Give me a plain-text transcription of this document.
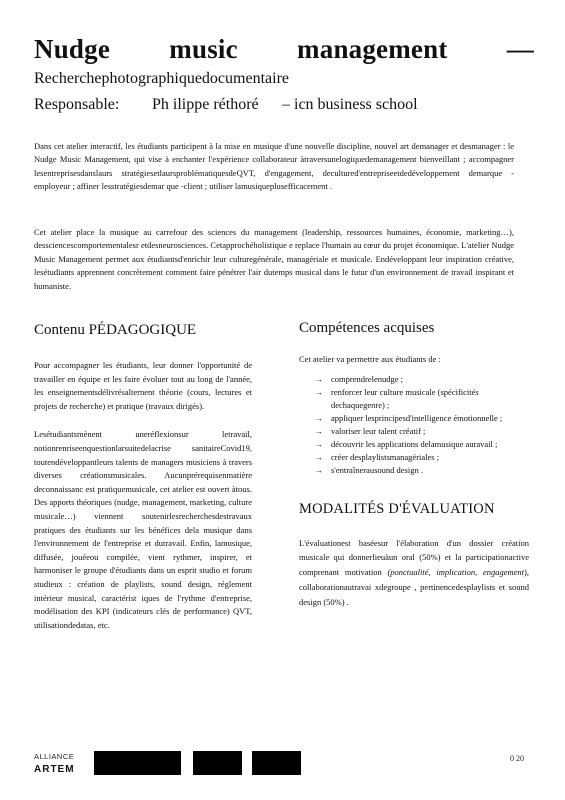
Nudge music management —
Recherchephotographiquedocumentaire
Responsable:	Ph ilippe réthoré	– icn business school
Dans cet atelier interactif, les étudiants participent à la mise en musique d'une nouvelle discipline, nouvel art demanager et desmanager : le Nudge Music Management, qui vise à enchanter l'expérience collaborateur àtraversunelogiquedemanagement bienveillant ; accompagner lesentreprisesdanslaurs stratégiesetlaursproblématiquesdeQVT, d'engagement, decultured'entrepriseetdedéveloppement demarque -employeur ; affiner lesstratégiesdemar que -client ; utiliser lamusiqueplusefficacement .
Cet atelier place la musique au carrefour des sciences du management (leadership, ressources humaines, économie, marketing…), dessciencescomportementalesr etdesneurosciences. Cetapprochéholistique e replace l'humain au cœur du projet économique. L'atelier Nudge Music Management permet aux étudiantsd'enrichir leur culturegénérale, managériale et musicale. Endéveloppant leur inspiration créative, lesétudiants apprennent concrètement comment faire pénétrer l'air dutemps musical dans le futur d'un environnement de travail inspirant et humaniste.
Contenu PÉDAGOGIQUE

Pour accompagner les étudiants, leur donner l'opportunité de travailler en équipe et les faire évoluer tout au long de l'année, les enseignementsdélivrésalternent théorie (cours, lectures et projets de recherche) et pratique (travaux dirigés).

Lesétudiantsmènent uneréflexionsur letravail, notionrenriseenquestionlarsuitedelacrise sanitaireCovid19, toutendéveloppantleurs talents de managers musiciens à travers diverses créationsmusicales. Aucunprérequisenmatière deconnaissanc est pratiquemusicale, cet atelier est ouvert àtous. Des apports théoriques (nudge, management, marketing, culture musicale…) viennent soutenirlesrecherchesdestravaux pratiques des étudiants sur les bénéfices dela musique dans l'environnement de l'entreprise et dutravail. Enfin, lamusique, diffusée, jouéeou compilée, vient rythmer, inspirer, et harmoniser le groupe d'étudiants dans un esprit studio et forum studieux : création de playlists, sound design, réglement intérieur musical, caractérist iques de l'rythme d'entreprise, modélisation des KPI (indicateurs clés de performance) QVT, utilisationdedatas, etc.

Compétences acquises
Cet atelier va permettre aux étudiants de :
→ comprendrelenudge ;
→ renforcer leur culture musicale (spécificités dechaquegenre) ;
→ appliquer lesprincipesd'intelligence émotionnelle ;
→ valoriser leur talent créatif ;
→ découvrir les applications delamusique auravail ;
→ créer desplaylistsmanagériales ;
→ s'entraînerausound design .
MODALITÉS D'ÉVALUATION
L'évaluationest baséesur l'élaboration d'un dossier création musicale qui donnerlieuàun oral (50%) et la participationactive comprenant motivation (ponctualité, implication, engagement), collaborationautravai xdegroupe , pertinencedesplaylists et sound design (50%) .
ALLIANCE
ARTEM
0 20
